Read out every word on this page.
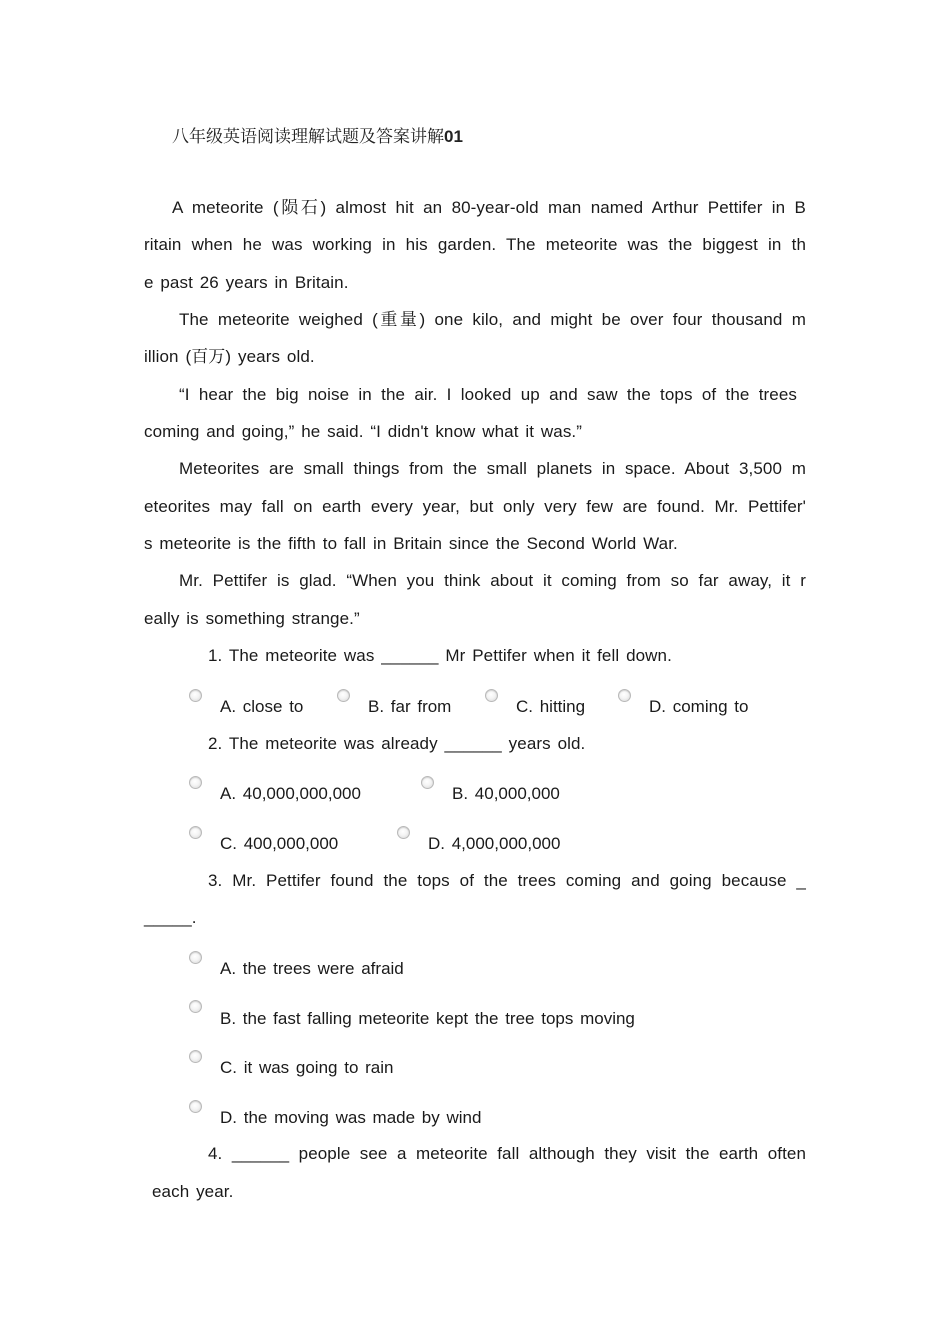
八年级英语阅读理解试题及答案讲解01
A meteorite (陨石) almost hit an 80-year-old man named Arthur Pettifer in B
ritain when he was working in his garden. The meteorite was the biggest in th
e past 26 years in Britain.
The meteorite weighed (重量) one kilo, and might be over four thousand m
illion (百万) years old.
“I hear the big noise in the air. I looked up and saw the tops of the trees
coming and going,” he said. “I didn't know what it was.”
Meteorites are small things from the small planets in space. About 3,500 m
eteorites may fall on earth every year, but only very few are found. Mr. Pettifer'
s meteorite is the fifth to fall in Britain since the Second World War.
Mr. Pettifer is glad. “When you think about it coming from so far away, it r
eally is something strange.”
1. The meteorite was ______ Mr Pettifer when it fell down.
A. close to	B. far from	C. hitting	D. coming to
2. The meteorite was already ______ years old.
A. 40,000,000,000	B. 40,000,000
C. 400,000,000	D. 4,000,000,000
3. Mr. Pettifer found the tops of the trees coming and going because _
_____.
A. the trees were afraid
B. the fast falling meteorite kept the tree tops moving
C. it was going to rain
D. the moving was made by wind
4. ______ people see a meteorite fall although they visit the earth often
each year.
